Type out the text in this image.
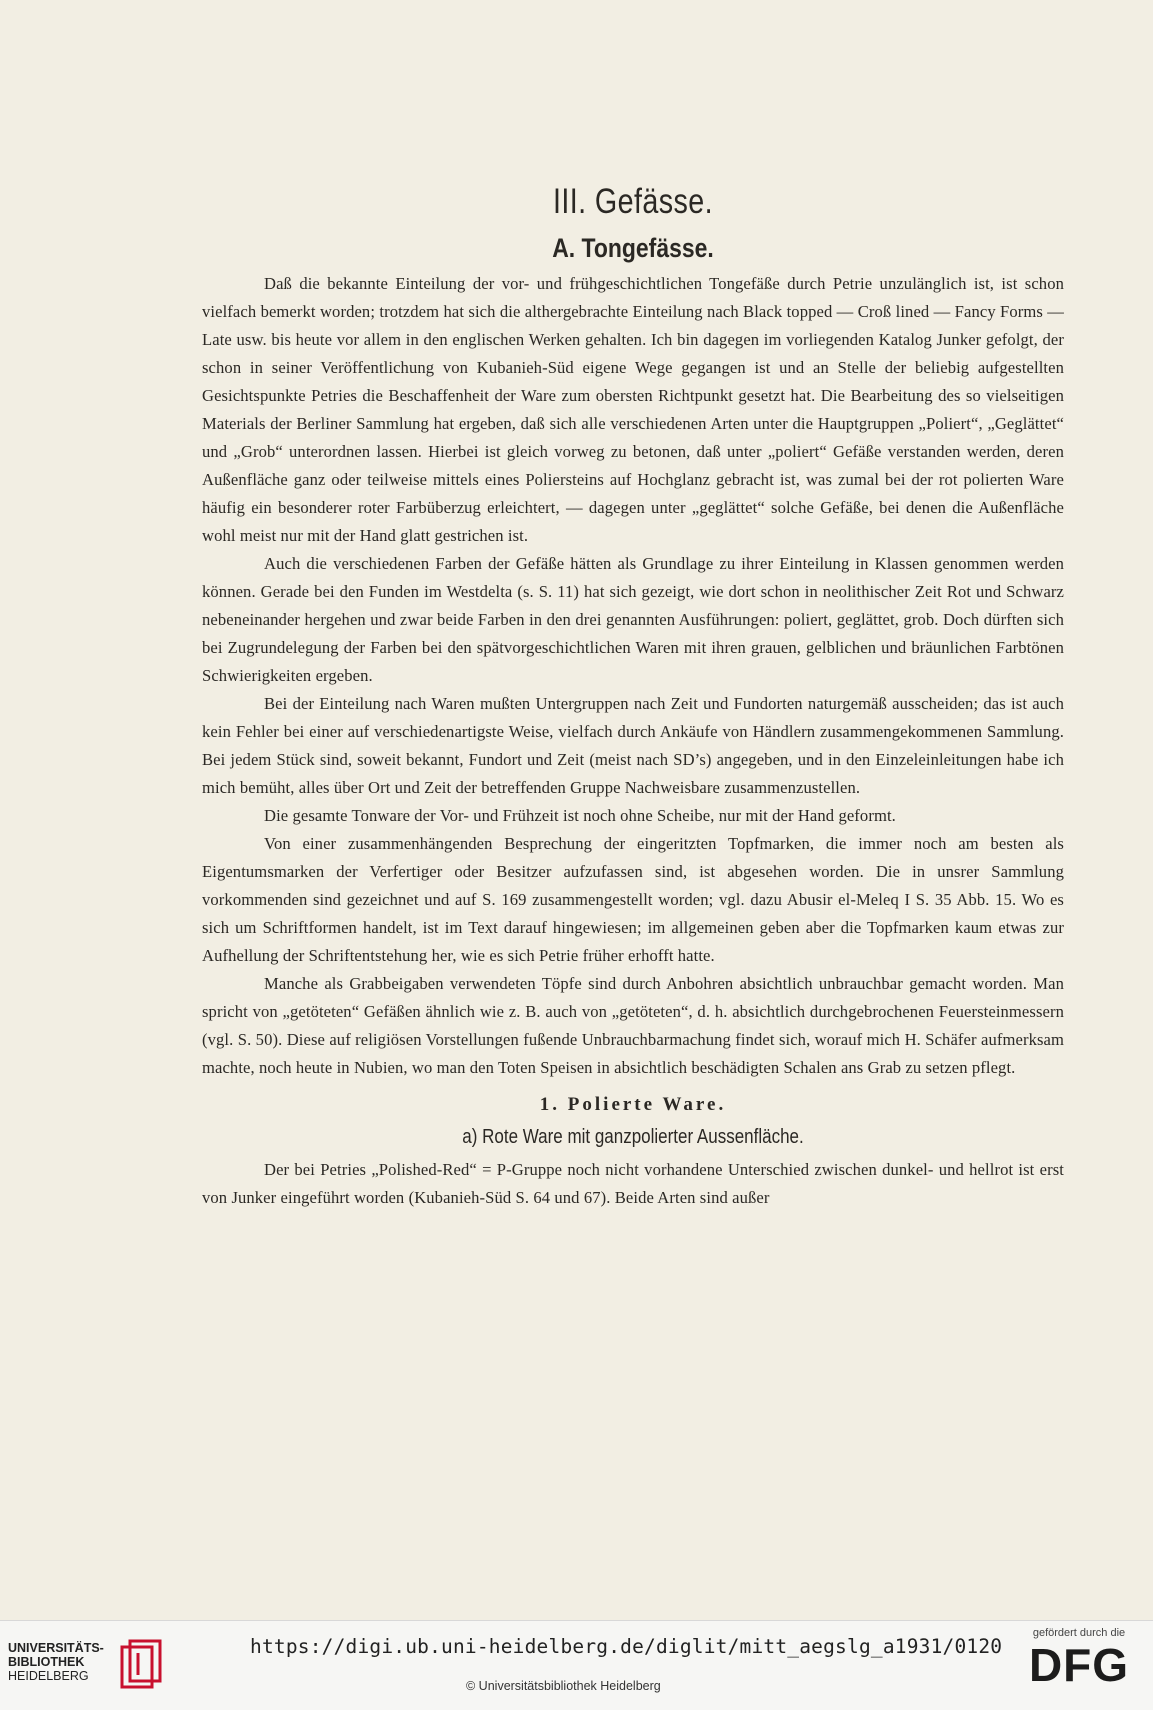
III. Gefässe.
A. Tongefässe.

Daß die bekannte Einteilung der vor- und frühgeschichtlichen Tongefäße durch Petrie unzulänglich ist, ist schon vielfach bemerkt worden; trotzdem hat sich die althergebrachte Einteilung nach Black topped — Croß lined — Fancy Forms — Late usw. bis heute vor allem in den englischen Werken gehalten. Ich bin dagegen im vorliegenden Katalog Junker gefolgt, der schon in seiner Veröffentlichung von Kubanieh-Süd eigene Wege gegangen ist und an Stelle der beliebig aufgestellten Gesichtspunkte Petries die Beschaffenheit der Ware zum obersten Richtpunkt gesetzt hat. Die Bearbeitung des so vielseitigen Materials der Berliner Sammlung hat ergeben, daß sich alle verschiedenen Arten unter die Hauptgruppen „Poliert“, „Geglättet“ und „Grob“ unterordnen lassen. Hierbei ist gleich vorweg zu betonen, daß unter „poliert“ Gefäße verstanden werden, deren Außenfläche ganz oder teilweise mittels eines Poliersteins auf Hochglanz gebracht ist, was zumal bei der rot polierten Ware häufig ein besonderer roter Farbüberzug erleichtert, — dagegen unter „geglättet“ solche Gefäße, bei denen die Außenfläche wohl meist nur mit der Hand glatt gestrichen ist.

Auch die verschiedenen Farben der Gefäße hätten als Grundlage zu ihrer Einteilung in Klassen genommen werden können. Gerade bei den Funden im Westdelta (s. S. 11) hat sich gezeigt, wie dort schon in neolithischer Zeit Rot und Schwarz nebeneinander hergehen und zwar beide Farben in den drei genannten Ausführungen: poliert, geglättet, grob. Doch dürften sich bei Zugrundelegung der Farben bei den spätvorgeschichtlichen Waren mit ihren grauen, gelblichen und bräunlichen Farbtönen Schwierigkeiten ergeben.

Bei der Einteilung nach Waren mußten Untergruppen nach Zeit und Fundorten naturgemäß ausscheiden; das ist auch kein Fehler bei einer auf verschiedenartigste Weise, vielfach durch Ankäufe von Händlern zusammengekommenen Sammlung. Bei jedem Stück sind, soweit bekannt, Fundort und Zeit (meist nach SD’s) angegeben, und in den Einzeleinleitungen habe ich mich bemüht, alles über Ort und Zeit der betreffenden Gruppe Nachweisbare zusammenzustellen.

Die gesamte Tonware der Vor- und Frühzeit ist noch ohne Scheibe, nur mit der Hand geformt.

Von einer zusammenhängenden Besprechung der eingeritzten Topfmarken, die immer noch am besten als Eigentumsmarken der Verfertiger oder Besitzer aufzufassen sind, ist abgesehen worden. Die in unsrer Sammlung vorkommenden sind gezeichnet und auf S. 169 zusammengestellt worden; vgl. dazu Abusir el-Meleq I S. 35 Abb. 15. Wo es sich um Schriftformen handelt, ist im Text darauf hingewiesen; im allgemeinen geben aber die Topfmarken kaum etwas zur Aufhellung der Schriftentstehung her, wie es sich Petrie früher erhofft hatte.

Manche als Grabbeigaben verwendeten Töpfe sind durch Anbohren absichtlich unbrauchbar gemacht worden. Man spricht von „getöteten“ Gefäßen ähnlich wie z. B. auch von „getöteten“, d. h. absichtlich durchgebrochenen Feuersteinmessern (vgl. S. 50). Diese auf religiösen Vorstellungen fußende Unbrauchbarmachung findet sich, worauf mich H. Schäfer aufmerksam machte, noch heute in Nubien, wo man den Toten Speisen in absichtlich beschädigten Schalen ans Grab zu setzen pflegt.

1. Polierte Ware.
a) Rote Ware mit ganzpolierter Aussenfläche.

Der bei Petries „Polished-Red“ = P-Gruppe noch nicht vorhandene Unterschied zwischen dunkel- und hellrot ist erst von Junker eingeführt worden (Kubanieh-Süd S. 64 und 67). Beide Arten sind außer

UNIVERSITÄTS-
BIBLIOTHEK
HEIDELBERG
https://digi.ub.uni-heidelberg.de/diglit/mitt_aegslg_a1931/0120
© Universitätsbibliothek Heidelberg
gefördert durch die
DFG
